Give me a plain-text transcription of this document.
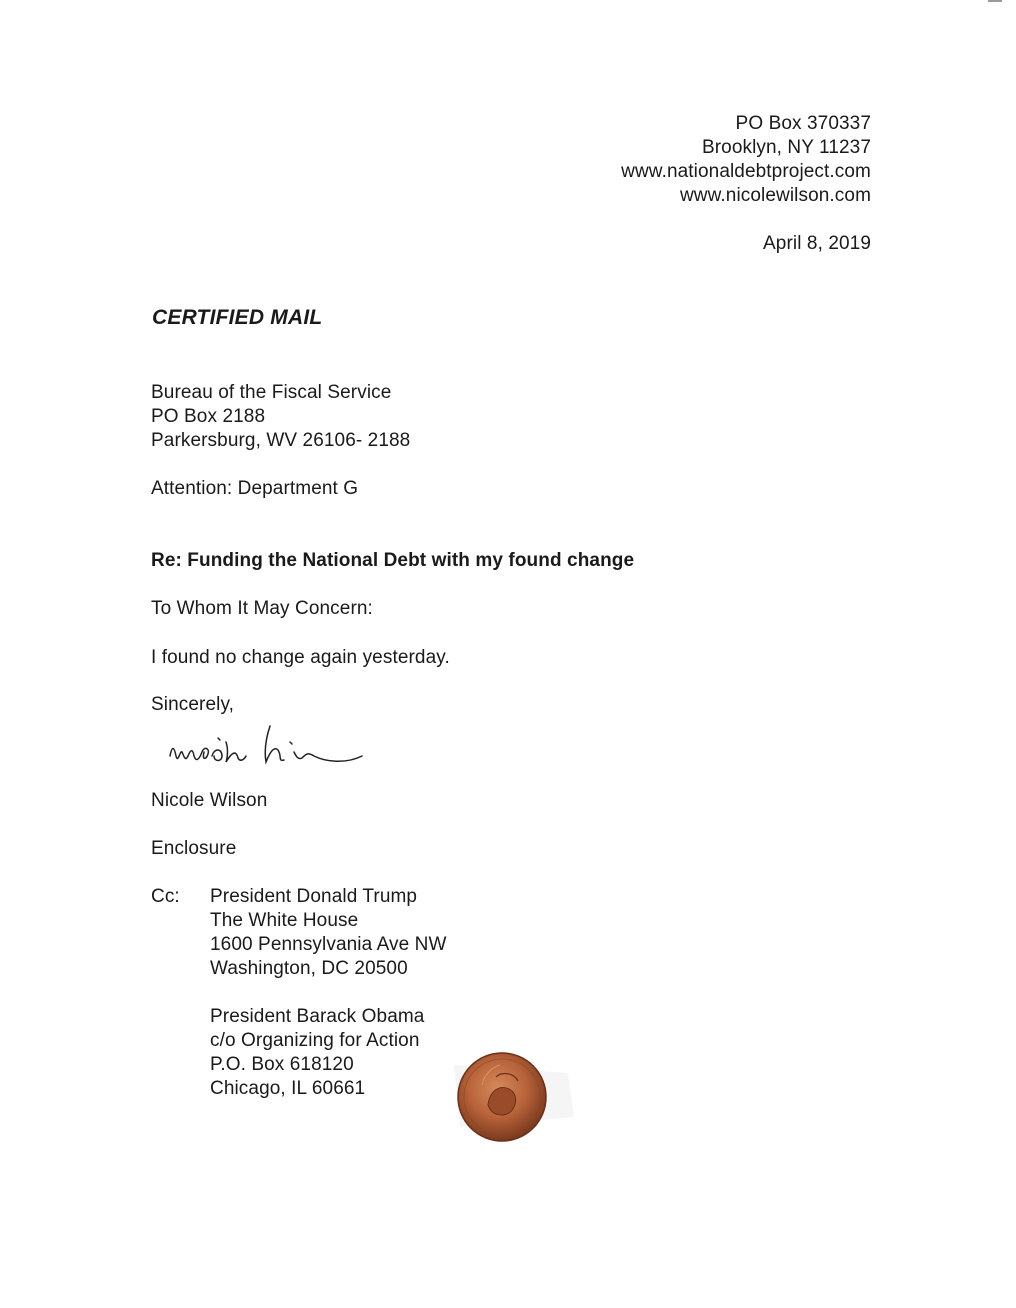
PO Box 370337
Brooklyn, NY 11237
www.nationaldebtproject.com
www.nicolewilson.com
April 8, 2019
CERTIFIED MAIL
Bureau of the Fiscal Service
PO Box 2188
Parkersburg, WV 26106- 2188
Attention: Department G
Re: Funding the National Debt with my found change
To Whom It May Concern:
I found no change again yesterday.
Sincerely,
Nicole Wilson
Enclosure
Cc: President Donald Trump
The White House
1600 Pennsylvania Ave NW
Washington, DC 20500
President Barack Obama
c/o Organizing for Action
P.O. Box 618120
Chicago, IL 60661
